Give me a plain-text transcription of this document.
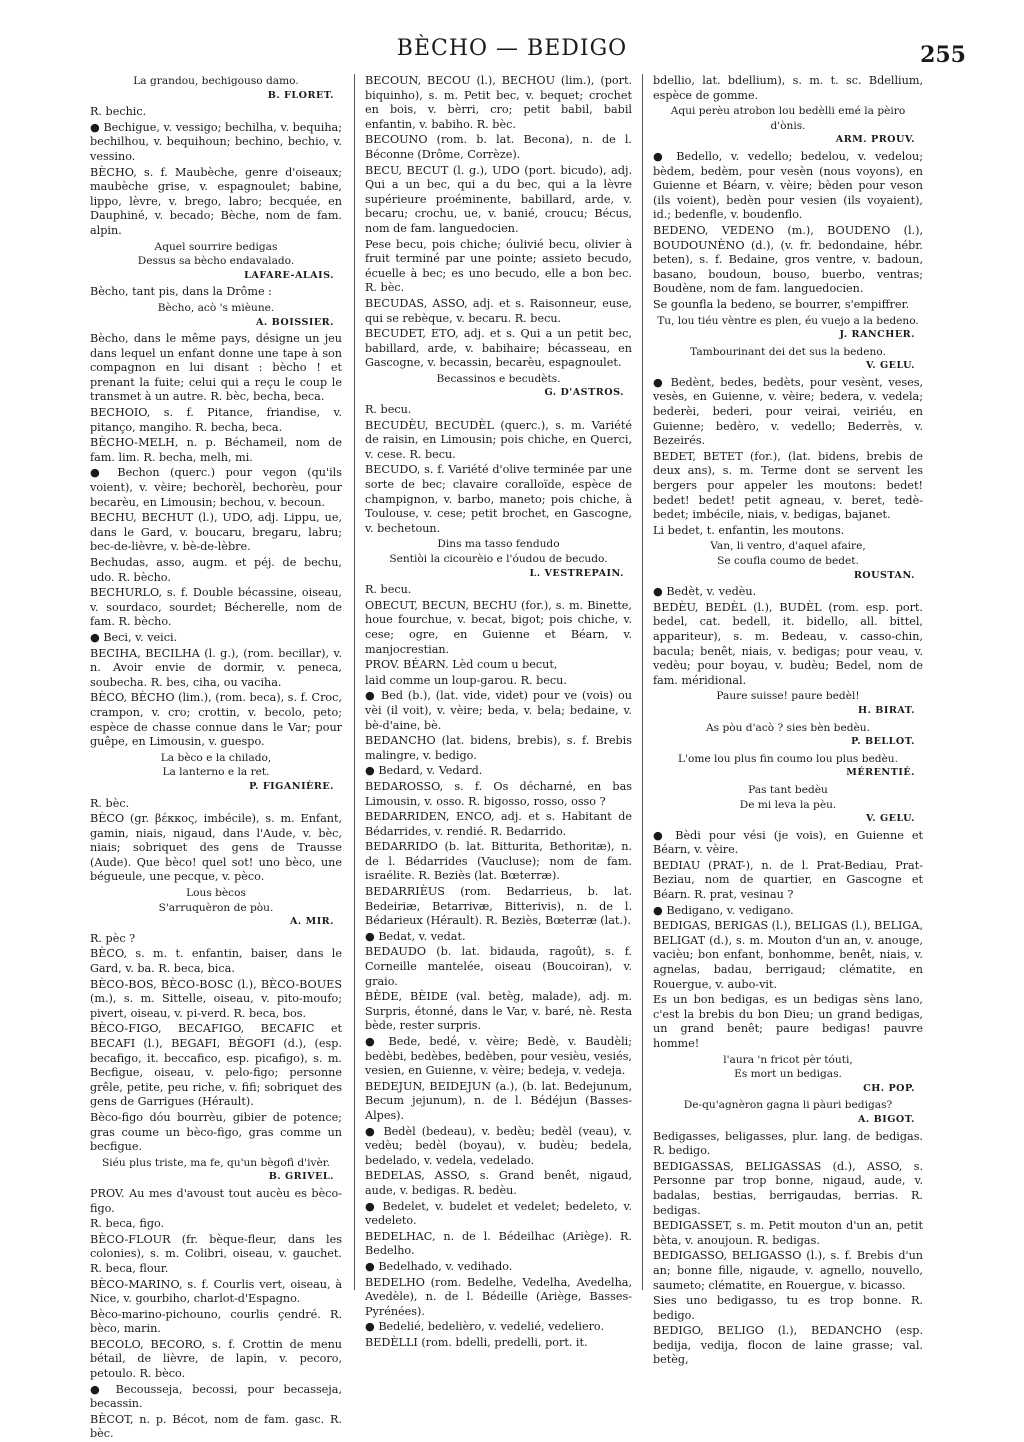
BÈCHO — BEDIGO	255

La grandou, bechigouso damo.

B. FLORET.

R. bechic.

● Bechigue, v. vessigo; bechilha, v. bequiha; bechilhou, v. bequihoun; bechino, bechio, v. vessino.

BÈCHO, s. f. Maubèche, genre d'oiseaux; maubèche grise, v. espagnoulet; babine, lippo, lèvre, v. brego, labro; becquée, en Dauphiné, v. becado; Bèche, nom de fam. alpin.

Aquel sourrire bedigas

Dessus sa bècho endavalado.

LAFARE-ALAIS.

Bècho, tant pis, dans la Drôme :

Bècho, acò 's mièune.

A. BOISSIER.

Bècho, dans le même pays, désigne un jeu dans lequel un enfant donne une tape à son compagnon en lui disant : bècho ! et prenant la fuite; celui qui a reçu le coup le transmet à un autre. R. bèc, becha, beca.

BECHOIO, s. f. Pitance, friandise, v. pitanço, mangiho. R. becha, beca.

BÈCHO-MELH, n. p. Béchameil, nom de fam. lim. R. becha, melh, mi.

● Bechon (querc.) pour vegon (qu'ils voient), v. vèire; bechorèl, bechorèu, pour becarèu, en Limousin; bechou, v. becoun.

BECHU, BECHUT (l.), UDO, adj. Lippu, ue, dans le Gard, v. boucaru, bregaru, labru; bec-de-lièvre, v. bè-de-lèbre.

Bechudas, asso, augm. et péj. de bechu, udo. R. bècho.

BECHURLO, s. f. Double bécassine, oiseau, v. sourdaco, sourdet; Bécherelle, nom de fam. R. bècho.

● Beci, v. veici.

BECIHA, BECILHA (l. g.), (rom. becillar), v. n. Avoir envie de dormir, v. peneca, soubecha. R. bes, ciha, ou vaciha.

BÈCO, BÈCHO (lim.), (rom. beca), s. f. Croc, crampon, v. cro; crottin, v. becolo, peto; espèce de chasse connue dans le Var; pour guêpe, en Limousin, v. guespo.

La bèco e la chilado,

La lanterno e la ret.

P. FIGANIÈRE.

R. bèc.

BÈCO (gr. βέκκος, imbécile), s. m. Enfant, gamin, niais, nigaud, dans l'Aude, v. bèc, niais; sobriquet des gens de Trausse (Aude). Que bèco! quel sot! uno bèco, une bégueule, une pecque, v. pèco.

Lous bècos

S'arruquèron de pòu.

A. MIR.

R. pèc ?

BÈCO, s. m. t. enfantin, baiser, dans le Gard, v. ba. R. beca, bica.

BÈCO-BOS, BÈCO-BOSC (l.), BÈCO-BOUES (m.), s. m. Sittelle, oiseau, v. pito-moufo; pivert, oiseau, v. pi-verd. R. beca, bos.

BÈCO-FIGO, BECAFIGO, BECAFIC et BECAFI (l.), BEGAFI, BÈGOFI (d.), (esp. becafigo, it. beccafico, esp. picafigo), s. m. Becfigue, oiseau, v. pelo-figo; personne grêle, petite, peu riche, v. fifi; sobriquet des gens de Garrigues (Hérault).

Bèco-figo dóu bourrèu, gibier de potence; gras coume un bèco-figo, gras comme un becfigue.

Siéu plus triste, ma fe, qu'un bègofì d'ivèr.

B. GRIVEL.

PROV. Au mes d'avoust tout aucèu es bèco-figo.

R. beca, figo.

BÈCO-FLOUR (fr. bèque-fleur, dans les colonies), s. m. Colibri, oiseau, v. gauchet. R. beca, flour.

BÈCO-MARINO, s. f. Courlis vert, oiseau, à Nice, v. gourbiho, charlot-d'Espagno.

Bèco-marino-pichouno, courlis çendré. R. bèco, marin.

BECOLO, BECORO, s. f. Crottin de menu bétail, de lièvre, de lapin, v. pecoro, petoulo. R. bèco.

● Becousseja, becossi, pour becasseja, becassin.

BÈCOT, n. p. Bécot, nom de fam. gasc. R. bèc.

BECOUN, BECOU (l.), BECHOU (lim.), (port. biquinho), s. m. Petit bec, v. bequet; crochet en bois, v. bèrri, cro; petit babil, babil enfantin, v. babiho. R. bèc.

BECOUNO (rom. b. lat. Becona), n. de l. Béconne (Drôme, Corrèze).

BECU, BECUT (l. g.), UDO (port. bicudo), adj. Qui a un bec, qui a du bec, qui a la lèvre supérieure proéminente, babillard, arde, v. becaru; crochu, ue, v. banié, croucu; Bécus, nom de fam. languedocien.

Pese becu, pois chiche; óulivié becu, olivier à fruit terminé par une pointe; assieto becudo, écuelle à bec; es uno becudo, elle a bon bec. R. bèc.

BECUDAS, ASSO, adj. et s. Raisonneur, euse, qui se rebèque, v. becaru. R. becu.

BECUDET, ETO, adj. et s. Qui a un petit bec, babillard, arde, v. babihaire; bécasseau, en Gascogne, v. becassin, becarèu, espagnoulet.

Becassinos e becudèts.

G. D'ASTROS.

R. becu.

BECUDÈU, BECUDÈL (querc.), s. m. Variété de raisin, en Limousin; pois chiche, en Querci, v. cese. R. becu.

BECUDO, s. f. Variété d'olive terminée par une sorte de bec; clavaire coralloïde, espèce de champignon, v. barbo, maneto; pois chiche, à Toulouse, v. cese; petit brochet, en Gascogne, v. bechetoun.

Dins ma tasso fendudo

Sentiòi la cicourèio e l'óudou de becudo.

L. VESTREPAIN.

R. becu.

OBECUT, BECUN, BECHU (for.), s. m. Binette, houe fourchue, v. becat, bigot; pois chiche, v. cese; ogre, en Guienne et Béarn, v. manjocrestian.

PROV. BÉARN. Lèd coum u becut,

laid comme un loup-garou. R. becu.

● Bed (b.), (lat. vide, videt) pour ve (vois) ou vèi (il voit), v. vèire; beda, v. bela; bedaine, v. bè-d'aine, bè.

BEDANCHO (lat. bidens, brebis), s. f. Brebis malingre, v. bedigo.

● Bedard, v. Vedard.

BEDAROSSO, s. f. Os décharné, en bas Limousin, v. osso. R. bigosso, rosso, osso ?

BEDARRIDEN, ENCO, adj. et s. Habitant de Bédarrides, v. rendié. R. Bedarrido.

BEDARRIDO (b. lat. Bitturita, Bethoritæ), n. de l. Bédarrides (Vaucluse); nom de fam. israélite. R. Beziès (lat. Bœterræ).

BEDARRIÈUS (rom. Bedarrieus, b. lat. Bedeiriæ, Betarrivæ, Bitterivis), n. de l. Bédarieux (Hérault). R. Beziès, Bœterræ (lat.).

● Bedat, v. vedat.

BEDAUDO (b. lat. bidauda, ragoût), s. f. Corneille mantelée, oiseau (Boucoiran), v. graio.

BÈDE, BÈIDE (val. betèg, malade), adj. m. Surpris, étonné, dans le Var, v. baré, nè. Resta bède, rester surpris.

● Bede, bedé, v. vèire; Bedè, v. Baudèli; bedèbi, bedèbes, bedèben, pour vesièu, vesiés, vesien, en Guienne, v. vèire; bedeja, v. vedeja.

BEDEJUN, BEIDEJUN (a.), (b. lat. Bedejunum, Becum jejunum), n. de l. Bédéjun (Basses-Alpes).

● Bedèl (bedeau), v. bedèu; bedèl (veau), v. vedèu; bedèl (boyau), v. budèu; bedela, bedelado, v. vedela, vedelado.

BEDELAS, ASSO, s. Grand benêt, nigaud, aude, v. bedigas. R. bedèu.

● Bedelet, v. budelet et vedelet; bedeleto, v. vedeleto.

BEDELHAC, n. de l. Bédeilhac (Ariège). R. Bedelho.

● Bedelhado, v. vedihado.

BEDELHO (rom. Bedelhe, Vedelha, Avedelha, Avedèle), n. de l. Bédeille (Ariège, Basses-Pyrénées).

● Bedelié, bedelièro, v. vedelié, vedeliero.

BEDÈLLI (rom. bdelli, predelli, port. it.

bdellio, lat. bdellium), s. m. t. sc. Bdellium, espèce de gomme.

Aqui perèu atrobon lou bedèlli emé la pèiro d'ònis.

ARM. PROUV.

● Bedello, v. vedello; bedelou, v. vedelou; bèdem, bedèm, pour vesèn (nous voyons), en Guienne et Béarn, v. vèire; bèden pour veson (ils voient), bedèn pour vesien (ils voyaient), id.; bedenfle, v. boudenflo.

BEDENO, VEDENO (m.), BOUDENO (l.), BOUDOUNÈNO (d.), (v. fr. bedondaine, hébr. beten), s. f. Bedaine, gros ventre, v. badoun, basano, boudoun, bouso, buerbo, ventras; Boudène, nom de fam. languedocien.

Se gounfla la bedeno, se bourrer, s'empiffrer.

Tu, lou tiéu vèntre es plen, éu vuejo a la bedeno.

J. RANCHER.

Tambourinant dei det sus la bedeno.

V. GELU.

● Bedènt, bedes, bedèts, pour vesènt, veses, vesès, en Guienne, v. vèire; bedera, v. vedela; bederèi, bederi, pour veirai, veiriéu, en Guienne; bedèro, v. vedello; Bederrès, v. Bezeirés.

BEDET, BETET (for.), (lat. bidens, brebis de deux ans), s. m. Terme dont se servent les bergers pour appeler les moutons: bedet! bedet! bedet! petit agneau, v. beret, tedè-bedet; imbécile, niais, v. bedigas, bajanet.

Li bedet, t. enfantin, les moutons.

Van, li ventro, d'aquel afaire,

Se coufla coumo de bedet.

ROUSTAN.

● Bedèt, v. vedèu.

BEDÈU, BEDÈL (l.), BUDÈL (rom. esp. port. bedel, cat. bedell, it. bidello, all. bittel, appariteur), s. m. Bedeau, v. casso-chin, bacula; benêt, niais, v. bedigas; pour veau, v. vedèu; pour boyau, v. budèu; Bedel, nom de fam. méridional.

Paure suisse! paure bedèl!

H. BIRAT.

As pòu d'acò ? sies bèn bedèu.

P. BELLOT.

L'ome lou plus fin coumo lou plus bedèu.

MÉRENTIÉ.

Pas tant bedèu

De mi leva la pèu.

V. GELU.

● Bèdi pour vési (je vois), en Guienne et Béarn, v. vèire.

BEDIAU (PRAT-), n. de l. Prat-Bediau, Prat-Beziau, nom de quartier, en Gascogne et Béarn. R. prat, vesinau ?

● Bedigano, v. vedigano.

BEDIGAS, BERIGAS (l.), BELIGAS (l.), BELIGA, BELIGAT (d.), s. m. Mouton d'un an, v. anouge, vacièu; bon enfant, bonhomme, benêt, niais, v. agnelas, badau, berrigaud; clématite, en Rouergue, v. aubo-vit.

Es un bon bedigas, es un bedigas sèns lano, c'est la brebis du bon Dieu; un grand bedigas, un grand benêt; paure bedigas! pauvre homme!

l'aura 'n fricot pèr tóuti,

Es mort un bedigas.

CH. POP.

De-qu'agnèron gagna li pàuri bedigas?

A. BIGOT.

Bedigasses, beligasses, plur. lang. de bedigas. R. bedigo.

BEDIGASSAS, BELIGASSAS (d.), ASSO, s. Personne par trop bonne, nigaud, aude, v. badalas, bestias, berrigaudas, berrias. R. bedigas.

BEDIGASSET, s. m. Petit mouton d'un an, petit bèta, v. anoujoun. R. bedigas.

BEDIGASSO, BELIGASSO (l.), s. f. Brebis d'un an; bonne fille, nigaude, v. agnello, nouvello, saumeto; clématite, en Rouergue, v. bicasso.

Sies uno bedigasso, tu es trop bonne. R. bedigo.

BEDIGO, BELIGO (l.), BEDANCHO (esp. bedija, vedija, flocon de laine grasse; val. betèg,
